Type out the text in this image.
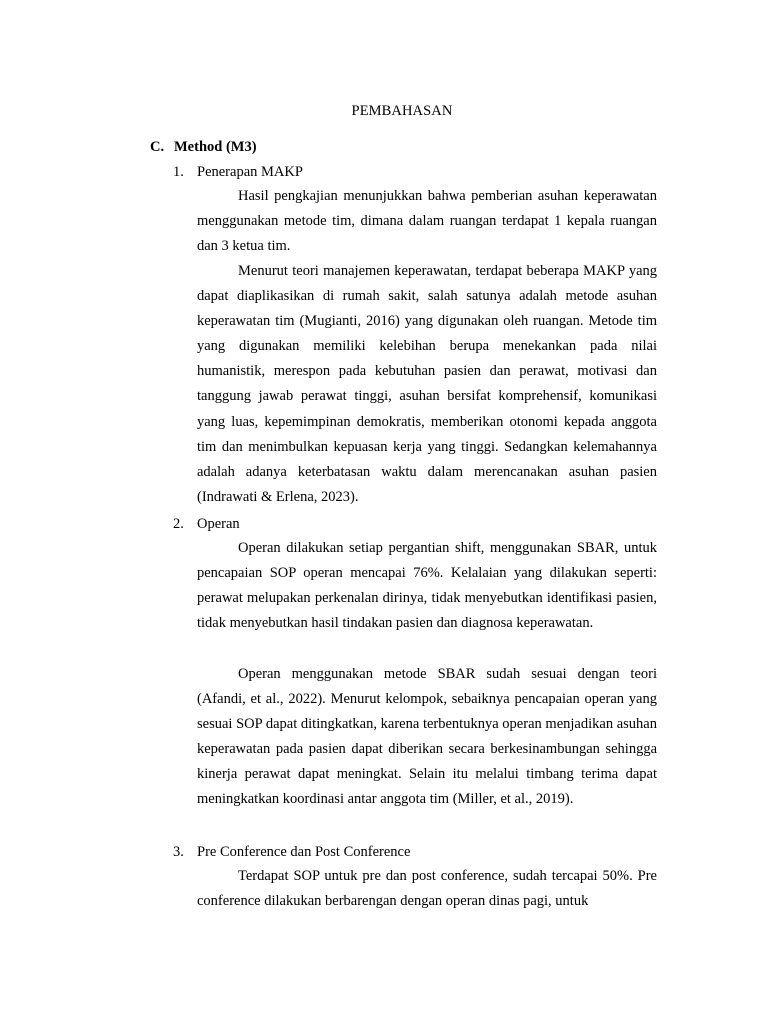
PEMBAHASAN
C. Method (M3)
1. Penerapan MAKP

Hasil pengkajian menunjukkan bahwa pemberian asuhan keperawatan menggunakan metode tim, dimana dalam ruangan terdapat 1 kepala ruangan dan 3 ketua tim.

Menurut teori manajemen keperawatan, terdapat beberapa MAKP yang dapat diaplikasikan di rumah sakit, salah satunya adalah metode asuhan keperawatan tim (Mugianti, 2016) yang digunakan oleh ruangan. Metode tim yang digunakan memiliki kelebihan berupa menekankan pada nilai humanistik, merespon pada kebutuhan pasien dan perawat, motivasi dan tanggung jawab perawat tinggi, asuhan bersifat komprehensif, komunikasi yang luas, kepemimpinan demokratis, memberikan otonomi kepada anggota tim dan menimbulkan kepuasan kerja yang tinggi. Sedangkan kelemahannya adalah adanya keterbatasan waktu dalam merencanakan asuhan pasien (Indrawati & Erlena, 2023).

2. Operan

Operan dilakukan setiap pergantian shift, menggunakan SBAR, untuk pencapaian SOP operan mencapai 76%. Kelalaian yang dilakukan seperti: perawat melupakan perkenalan dirinya, tidak menyebutkan identifikasi pasien, tidak menyebutkan hasil tindakan pasien dan diagnosa keperawatan.

Operan menggunakan metode SBAR sudah sesuai dengan teori (Afandi, et al., 2022). Menurut kelompok, sebaiknya pencapaian operan yang sesuai SOP dapat ditingkatkan, karena terbentuknya operan menjadikan asuhan keperawatan pada pasien dapat diberikan secara berkesinambungan sehingga kinerja perawat dapat meningkat. Selain itu melalui timbang terima dapat meningkatkan koordinasi antar anggota tim (Miller, et al., 2019).

3. Pre Conference dan Post Conference

Terdapat SOP untuk pre dan post conference, sudah tercapai 50%. Pre conference dilakukan berbarengan dengan operan dinas pagi, untuk
